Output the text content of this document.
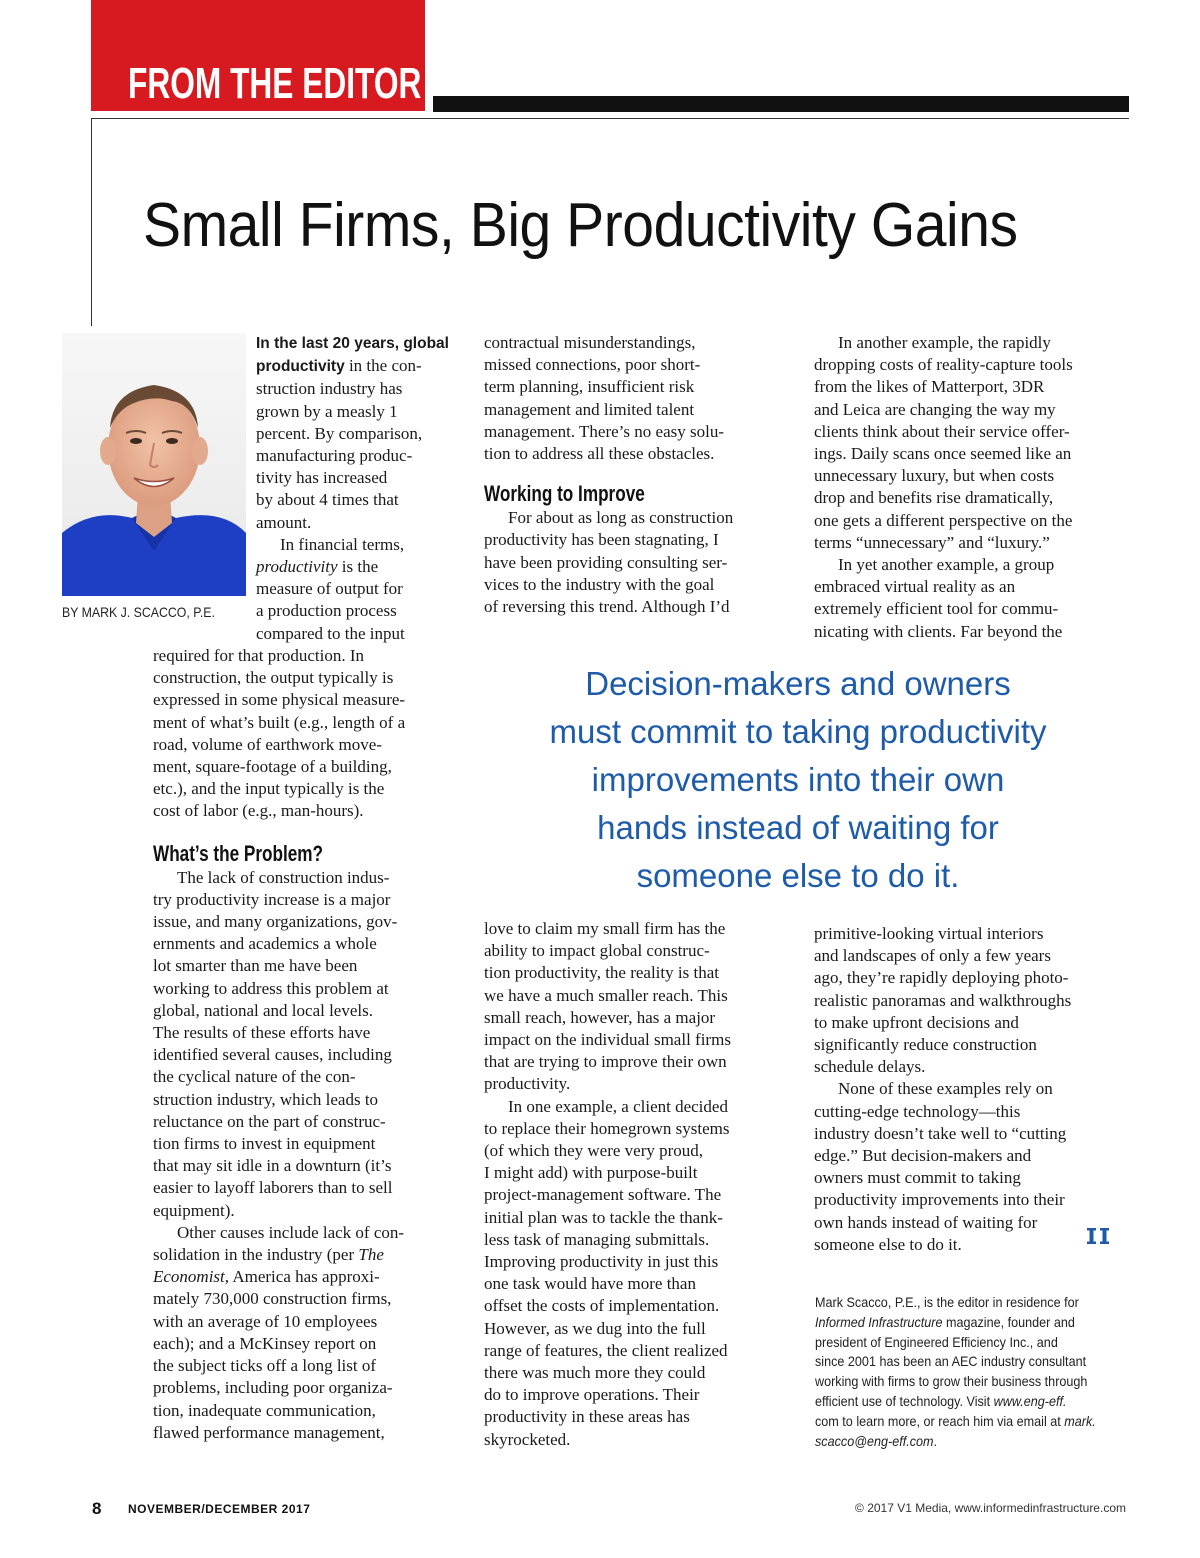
FROM THE EDITOR
Small Firms, Big Productivity Gains
BY MARK J. SCACCO, P.E.
In the last 20 years, global
productivity in the con-
struction industry has
grown by a measly 1
percent. By comparison,
manufacturing produc-
tivity has increased
by about 4 times that
amount.
In financial terms,
productivity is the
measure of output for
a production process
compared to the input
required for that production. In
construction, the output typically is
expressed in some physical measure-
ment of what’s built (e.g., length of a
road, volume of earthwork move-
ment, square-footage of a building,
etc.), and the input typically is the
cost of labor (e.g., man-hours).
What’s the Problem?
The lack of construction indus-
try productivity increase is a major
issue, and many organizations, gov-
ernments and academics a whole
lot smarter than me have been
working to address this problem at
global, national and local levels.
The results of these efforts have
identified several causes, including
the cyclical nature of the con-
struction industry, which leads to
reluctance on the part of construc-
tion firms to invest in equipment
that may sit idle in a downturn (it’s
easier to layoff laborers than to sell
equipment).
Other causes include lack of con-
solidation in the industry (per The
Economist, America has approxi-
mately 730,000 construction firms,
with an average of 10 employees
each); and a McKinsey report on
the subject ticks off a long list of
problems, including poor organiza-
tion, inadequate communication,
flawed performance management,
contractual misunderstandings,
missed connections, poor short-
term planning, insufficient risk
management and limited talent
management. There’s no easy solu-
tion to address all these obstacles.
Working to Improve
For about as long as construction
productivity has been stagnating, I
have been providing consulting ser-
vices to the industry with the goal
of reversing this trend. Although I’d
In another example, the rapidly
dropping costs of reality-capture tools
from the likes of Matterport, 3DR
and Leica are changing the way my
clients think about their service offer-
ings. Daily scans once seemed like an
unnecessary luxury, but when costs
drop and benefits rise dramatically,
one gets a different perspective on the
terms “unnecessary” and “luxury.”
In yet another example, a group
embraced virtual reality as an
extremely efficient tool for commu-
nicating with clients. Far beyond the
Decision-makers and owners
must commit to taking productivity
improvements into their own
hands instead of waiting for
someone else to do it.
love to claim my small firm has the
ability to impact global construc-
tion productivity, the reality is that
we have a much smaller reach. This
small reach, however, has a major
impact on the individual small firms
that are trying to improve their own
productivity.
In one example, a client decided
to replace their homegrown systems
(of which they were very proud,
I might add) with purpose-built
project-management software. The
initial plan was to tackle the thank-
less task of managing submittals.
Improving productivity in just this
one task would have more than
offset the costs of implementation.
However, as we dug into the full
range of features, the client realized
there was much more they could
do to improve operations. Their
productivity in these areas has
skyrocketed.
primitive-looking virtual interiors
and landscapes of only a few years
ago, they’re rapidly deploying photo-
realistic panoramas and walkthroughs
to make upfront decisions and
significantly reduce construction
schedule delays.
None of these examples rely on
cutting-edge technology—this
industry doesn’t take well to “cutting
edge.” But decision-makers and
owners must commit to taking
productivity improvements into their
own hands instead of waiting for
someone else to do it.
Mark Scacco, P.E., is the editor in residence for
Informed Infrastructure magazine, founder and
president of Engineered Efficiency Inc., and
since 2001 has been an AEC industry consultant
working with firms to grow their business through
efficient use of technology. Visit www.eng-eff.
com to learn more, or reach him via email at mark.
scacco@eng-eff.com.
8 NOVEMBER/DECEMBER 2017	© 2017 V1 Media, www.informedinfrastructure.com
